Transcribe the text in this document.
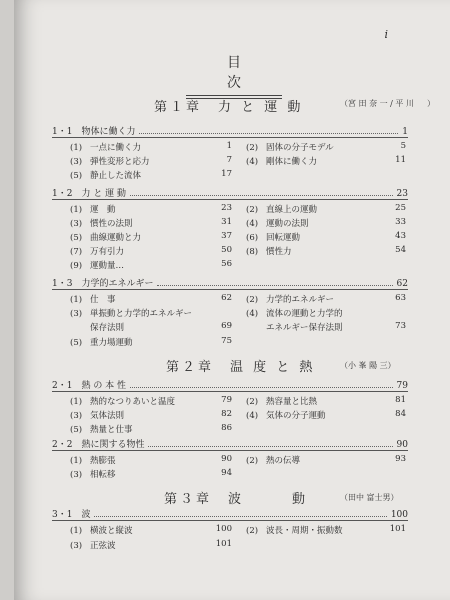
i
目　次
第１章　力 と 運 動	（宮 田 奈 一 / 平 川 　 ）
1・1　物体に働く力	1
(1) 一点に働く力	1 (2) 固体の分子モデル	5
(3) 弾性変形と応力	7 (4) 剛体に働く力	11
(5) 静止した流体	17
1・2　力 と 運 動	23
(1) 運　動	23 (2) 直線上の運動	25
(3) 慣性の法則	31 (4) 運動の法則	33
(5) 曲線運動と力	37 (6) 回転運動	43
(7) 万有引力	50 (8) 慣性力	54
(9) 運動量…	56
1・3　力学的エネルギー	62
(1) 仕　事	62 (2) 力学的エネルギー	63
(3) 単振動と力学的エネルギー
保存法則	69
(4) 流体の運動と力学的
エネルギー保存法則	73
(5) 重力場運動	75
第２章　温 度 と 熱	（小 峯 陽 三）
2・1　熱 の 本 性	79
(1) 熱的なつりあいと温度	79 (2) 熱容量と比熱	81
(3) 気体法則	82 (4) 気体の分子運動	84
(5) 熱量と仕事	86
2・2　熱に関する物性	90
(1) 熱膨張	90 (2) 熱の伝導	93
(3) 相転移	94
第３章　波　　　動	（田中 富士男）
3・1　波	100
(1) 横波と縦波	100 (2) 波長・周期・振動数	101
(3) 正弦波	101
